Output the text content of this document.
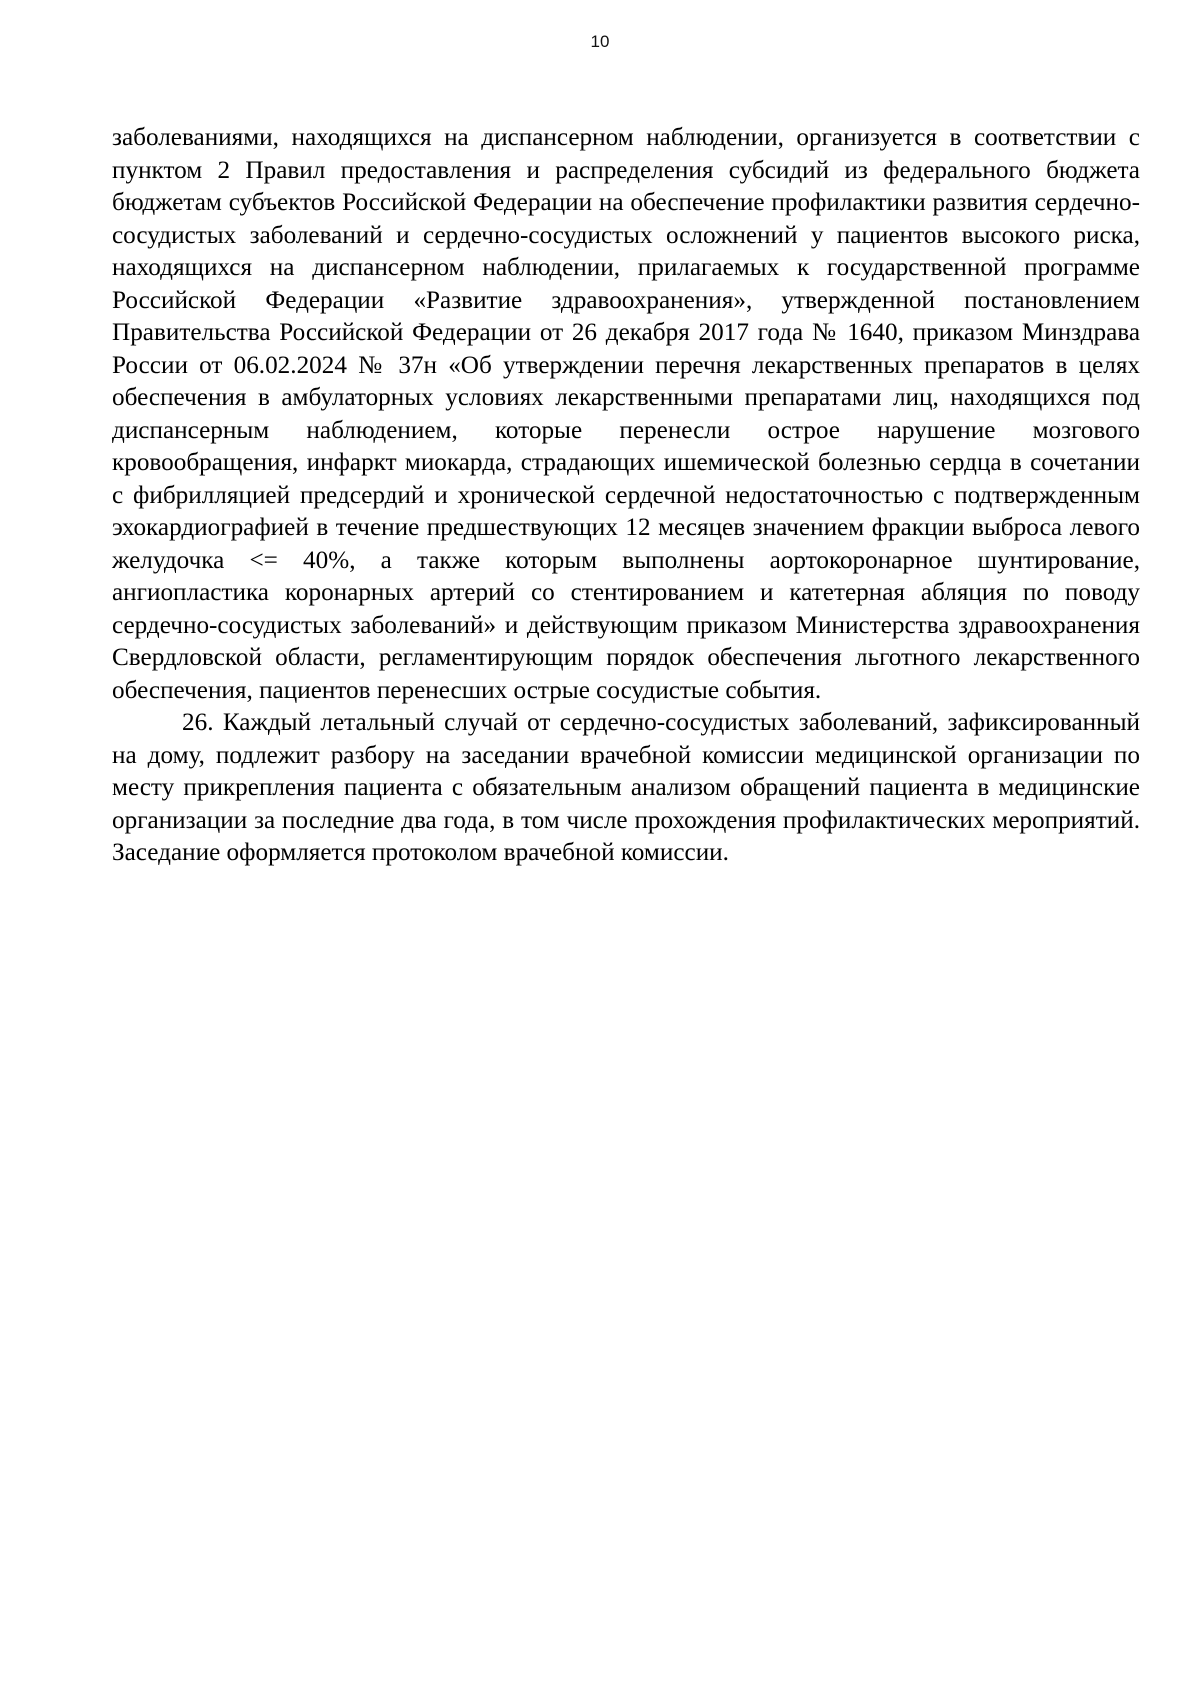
10

заболеваниями, находящихся на диспансерном наблюдении, организуется в соответствии с пунктом 2 Правил предоставления и распределения субсидий из федерального бюджета бюджетам субъектов Российской Федерации на обеспечение профилактики развития сердечно-сосудистых заболеваний и сердечно-сосудистых осложнений у пациентов высокого риска, находящихся на диспансерном наблюдении, прилагаемых к государственной программе Российской Федерации «Развитие здравоохранения», утвержденной постановлением Правительства Российской Федерации от 26 декабря 2017 года № 1640, приказом Минздрава России от 06.02.2024 № 37н «Об утверждении перечня лекарственных препаратов в целях обеспечения в амбулаторных условиях лекарственными препаратами лиц, находящихся под диспансерным наблюдением, которые перенесли острое нарушение мозгового кровообращения, инфаркт миокарда, страдающих ишемической болезнью сердца в сочетании с фибрилляцией предсердий и хронической сердечной недостаточностью с подтвержденным эхокардиографией в течение предшествующих 12 месяцев значением фракции выброса левого желудочка <= 40%, а также которым выполнены аортокоронарное шунтирование, ангиопластика коронарных артерий со стентированием и катетерная абляция по поводу сердечно-сосудистых заболеваний» и действующим приказом Министерства здравоохранения Свердловской области, регламентирующим порядок обеспечения льготного лекарственного обеспечения, пациентов перенесших острые сосудистые события.

26. Каждый летальный случай от сердечно-сосудистых заболеваний, зафиксированный на дому, подлежит разбору на заседании врачебной комиссии медицинской организации по месту прикрепления пациента с обязательным анализом обращений пациента в медицинские организации за последние два года, в том числе прохождения профилактических мероприятий. Заседание оформляется протоколом врачебной комиссии.
